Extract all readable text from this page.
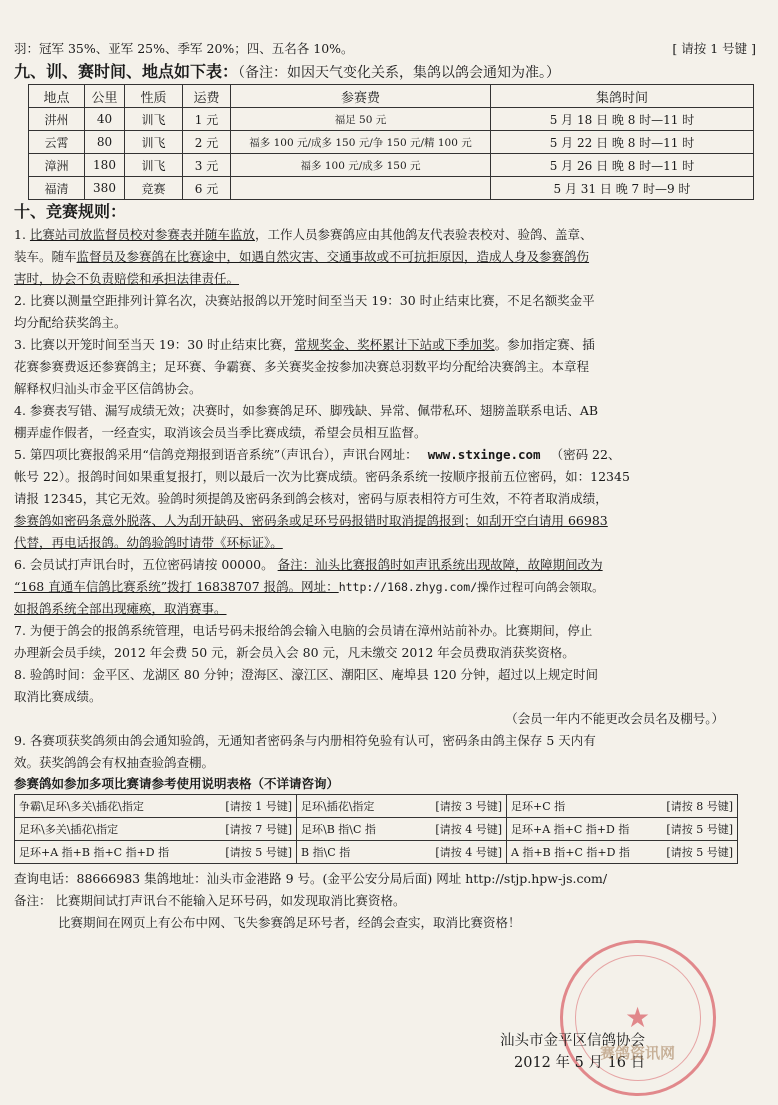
羽：冠军 35%、亚军 25%、季军 20%；四、五名各 10%。	[ 请按 1 号键 ]
九、训、赛时间、地点如下表：（备注：如因天气变化关系，集鸽以鸽会通知为准。）
地点	公里	性质	运费	参赛费	集鸽时间
汫州	40	训飞	1 元	福足 50 元	5 月 18 日 晚 8 时—11 时
云霄	80	训飞	2 元	福多 100 元/成多 150 元/争 150 元/精 100 元	5 月 22 日 晚 8 时—11 时
漳洲	180	训飞	3 元	福多 100 元/成多 150 元	5 月 26 日 晚 8 时—11 时
福清	380	竞赛	6 元		5 月 31 日 晚 7 时—9 时
十、竞赛规则：
1. 比赛站司放监督员校对参赛表并随车监放，工作人员参赛鸽应由其他鸽友代表验表校对、验鸽、盖章、
装车。随车监督员及参赛鸽在比赛途中，如遇自然灾害、交通事故或不可抗拒原因，造成人身及参赛鸽伤
害时，协会不负责赔偿和承担法律责任。
2. 比赛以测量空距排列计算名次，决赛站报鸽以开笼时间至当天 19：30 时止结束比赛，不足名额奖金平
均分配给获奖鸽主。
3. 比赛以开笼时间至当天 19：30 时止结束比赛，常规奖金、奖杯累计下站或下季加奖。参加指定赛、插
花赛参赛费返还参赛鸽主；足环赛、争霸赛、多关赛奖金按参加决赛总羽数平均分配给决赛鸽主。本章程
解释权归汕头市金平区信鸽协会。
4. 参赛表写错、漏写成绩无效；决赛时，如参赛鸽足环、脚残缺、异常、佩带私环、翅膀盖联系电话、AB
棚弄虚作假者，一经查实，取消该会员当季比赛成绩，希望会员相互监督。
5. 第四项比赛报鸽采用“信鸽竞翔报到语音系统”（声讯台），声讯台网址： www.stxinge.com （密码 22、
帐号 22）。报鸽时间如果重复报打，则以最后一次为比赛成绩。密码条系统一按顺序报前五位密码，如：12345
请报 12345，其它无效。验鸽时须提鸽及密码条到鸽会核对，密码与原表相符方可生效，不符者取消成绩，
参赛鸽如密码条意外脱落、人为刮开缺码、密码条或足环号码报错时取消提鸽报到；如刮开空白请用 66983
代替，再电话报鸽。幼鸽验鸽时请带《环标证》。
6. 会员试打声讯台时，五位密码请按 00000。 备注：汕头比赛报鸽时如声讯系统出现故障，故障期间改为
“168 直通车信鸽比赛系统”拨打 16838707 报鸽。网址：http://168.zhyg.com/操作过程可向鸽会领取。
如报鸽系统全部出现瘫痪，取消赛事。
7. 为便于鸽会的报鸽系统管理，电话号码未报给鸽会输入电脑的会员请在漳州站前补办。比赛期间，停止
办理新会员手续，2012 年会费 50 元，新会员入会 80 元，凡未缴交 2012 年会员费取消获奖资格。
8. 验鸽时间：金平区、龙湖区 80 分钟；澄海区、濠江区、潮阳区、庵埠县 120 分钟，超过以上规定时间
取消比赛成绩。
（会员一年内不能更改会员名及棚号。）
9. 各赛项获奖鸽须由鸽会通知验鸽，无通知者密码条与内册相符免验有认可，密码条由鸽主保存 5 天内有
效。获奖鸽鸽会有权抽查验鸽查棚。
参赛鸽如参加多项比赛请参考使用说明表格（不详请咨询）
争霸\足环\多关\插花\指定 [请按 1 号键]	足环\插花\指定 [请按 3 号键]	足环+C 指 [请按 8 号键]

足环\多关\插花\指定 [请按 7 号键]	足环\B 指\C 指 [请按 4 号键]	足环+A 指+C 指+D 指 [请按 5 号键]

足环+A 指+B 指+C 指+D 指 [请按 5 号键]	B 指\C 指 [请按 4 号键]	A 指+B 指+C 指+D 指 [请按 5 号键]
查询电话：88666983 集鸽地址：汕头市金港路 9 号。(金平公安分局后面) 网址 http://stjp.hpw-js.com/
备注： 比赛期间试打声讯台不能输入足环号码，如发现取消比赛资格。
比赛期间在网页上有公布中网、飞失参赛鸽足环号者，经鸽会查实，取消比赛资格！
★
汕头市金平区信鸽协会
2012 年 5 月 16 日
赛鸽资讯网
